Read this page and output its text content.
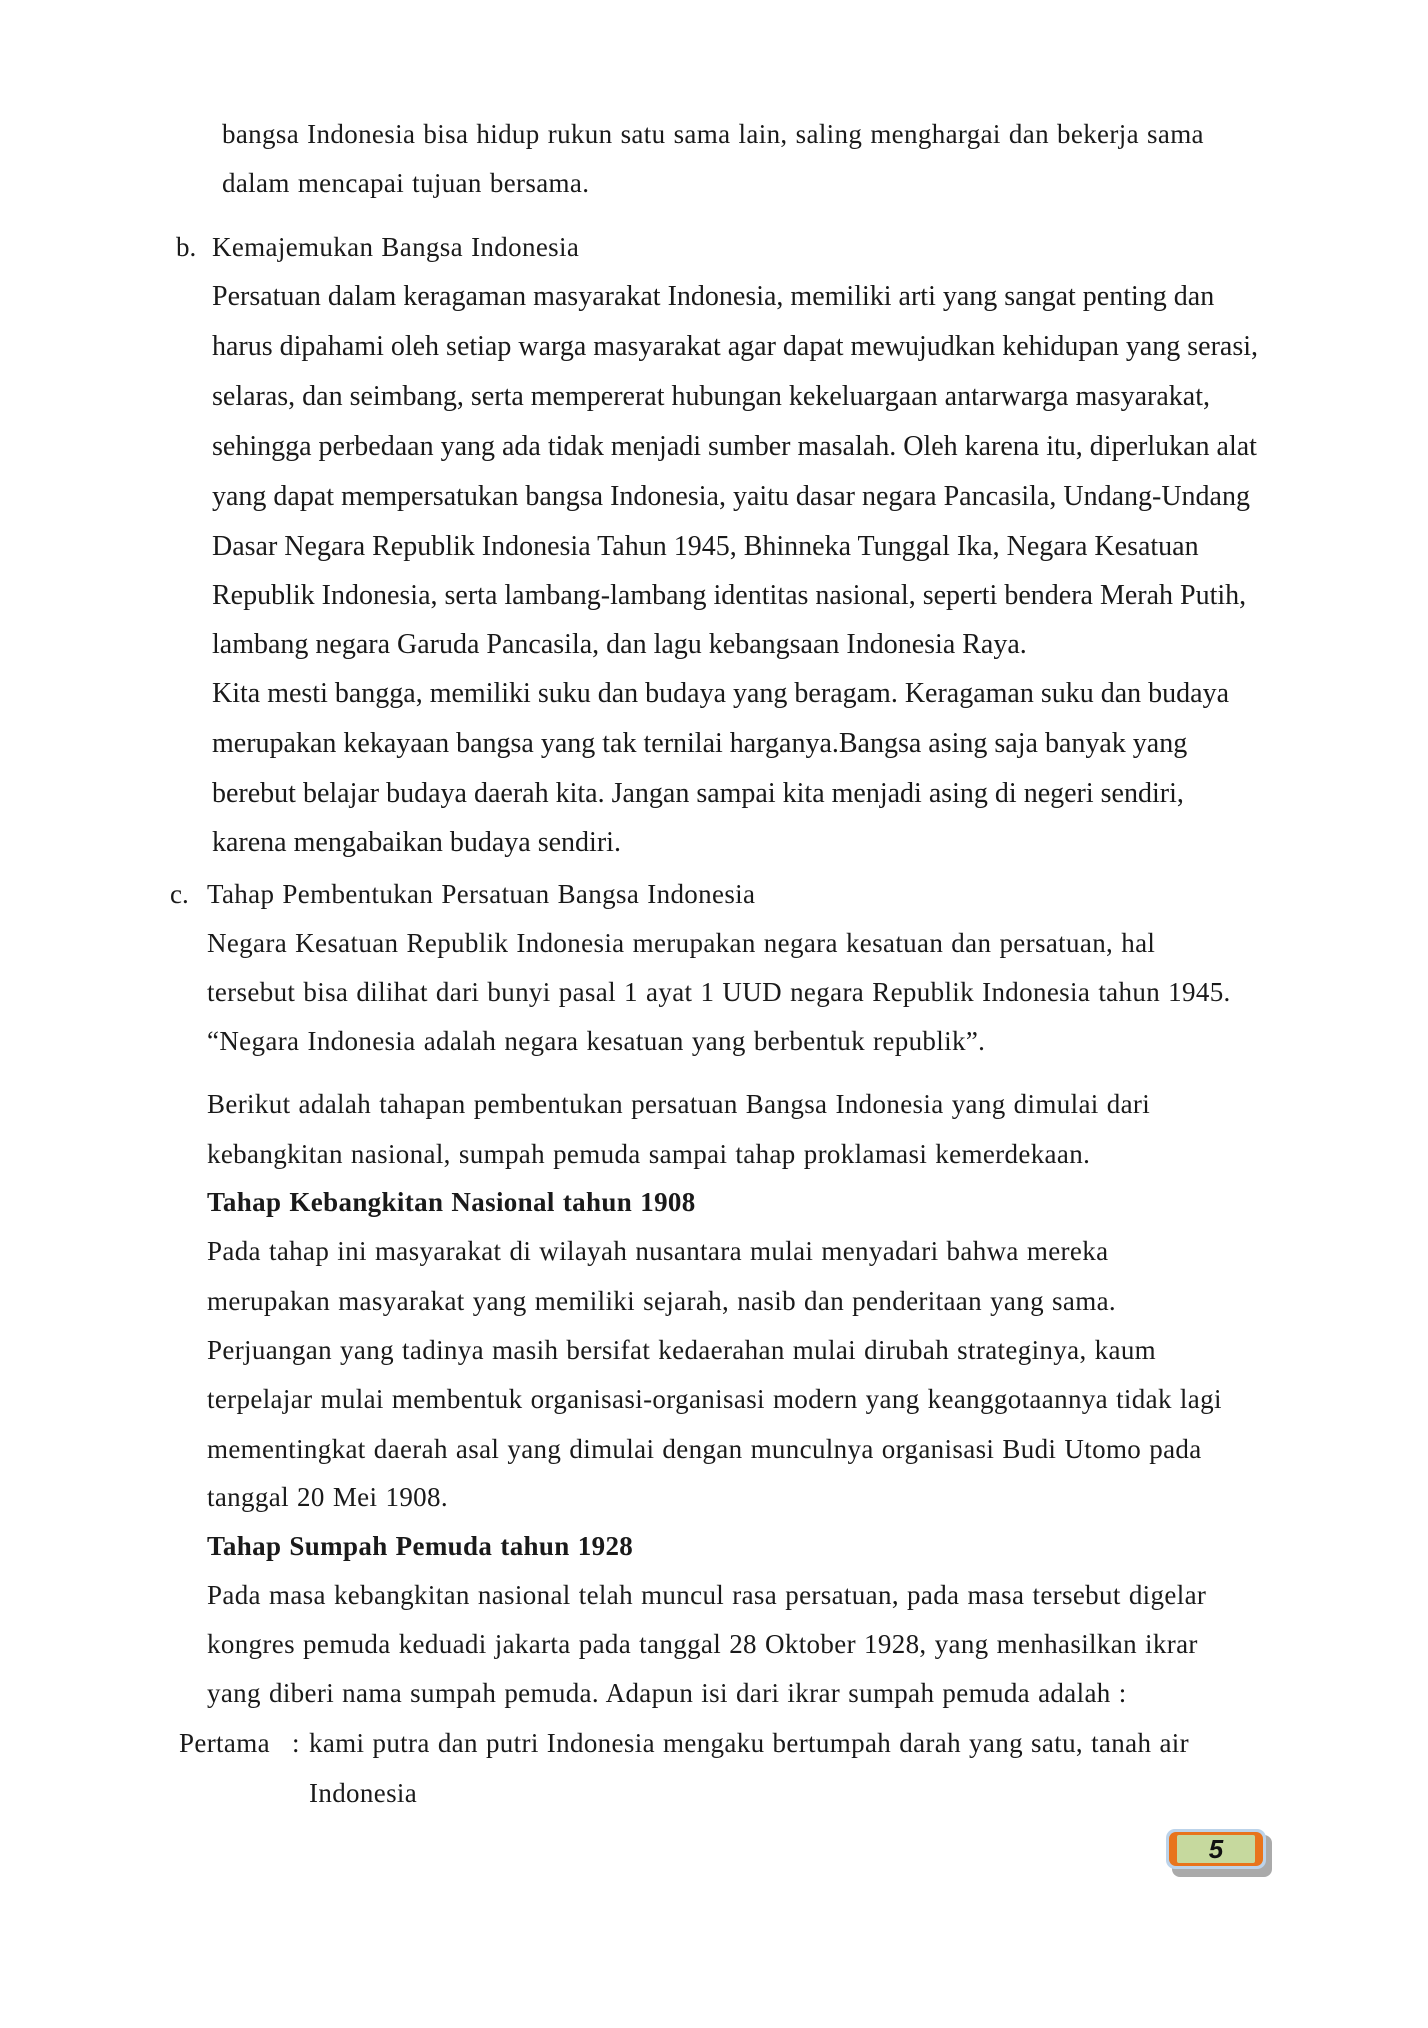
bangsa Indonesia bisa hidup rukun satu sama lain, saling menghargai dan bekerja sama
dalam mencapai tujuan bersama.
b. Kemajemukan Bangsa Indonesia
Persatuan dalam keragaman masyarakat Indonesia, memiliki arti yang sangat penting dan
harus dipahami oleh setiap warga masyarakat agar dapat mewujudkan kehidupan yang serasi,
selaras, dan seimbang, serta mempererat hubungan kekeluargaan antarwarga masyarakat,
sehingga perbedaan yang ada tidak menjadi sumber masalah. Oleh karena itu, diperlukan alat
yang dapat mempersatukan bangsa Indonesia, yaitu dasar negara Pancasila, Undang-Undang
Dasar Negara Republik Indonesia Tahun 1945, Bhinneka Tunggal Ika, Negara Kesatuan
Republik Indonesia, serta lambang-lambang identitas nasional, seperti bendera Merah Putih,
lambang negara Garuda Pancasila, dan lagu kebangsaan Indonesia Raya.
Kita mesti bangga, memiliki suku dan budaya yang beragam. Keragaman suku dan budaya
merupakan kekayaan bangsa yang tak ternilai harganya.Bangsa asing saja banyak yang
berebut belajar budaya daerah kita. Jangan sampai kita menjadi asing di negeri sendiri,
karena mengabaikan budaya sendiri.
c. Tahap Pembentukan Persatuan Bangsa Indonesia
Negara Kesatuan Republik Indonesia merupakan negara kesatuan dan persatuan, hal
tersebut bisa dilihat dari bunyi pasal 1 ayat 1 UUD negara Republik Indonesia tahun 1945.
“Negara Indonesia adalah negara kesatuan yang berbentuk republik”.
Berikut adalah tahapan pembentukan persatuan Bangsa Indonesia yang dimulai dari
kebangkitan nasional, sumpah pemuda sampai tahap proklamasi kemerdekaan.
Tahap Kebangkitan Nasional tahun 1908
Pada tahap ini masyarakat di wilayah nusantara mulai menyadari bahwa mereka
merupakan masyarakat yang memiliki sejarah, nasib dan penderitaan yang sama.
Perjuangan yang tadinya masih bersifat kedaerahan mulai dirubah strateginya, kaum
terpelajar mulai membentuk organisasi-organisasi modern yang keanggotaannya tidak lagi
mementingkat daerah asal yang dimulai dengan munculnya organisasi Budi Utomo pada
tanggal 20 Mei 1908.
Tahap Sumpah Pemuda tahun 1928
Pada masa kebangkitan nasional telah muncul rasa persatuan, pada masa tersebut digelar
kongres pemuda keduadi jakarta pada tanggal 28 Oktober 1928, yang menhasilkan ikrar
yang diberi nama sumpah pemuda. Adapun isi dari ikrar sumpah pemuda adalah :
Pertama : kami putra dan putri Indonesia mengaku bertumpah darah yang satu, tanah air
Indonesia
5
